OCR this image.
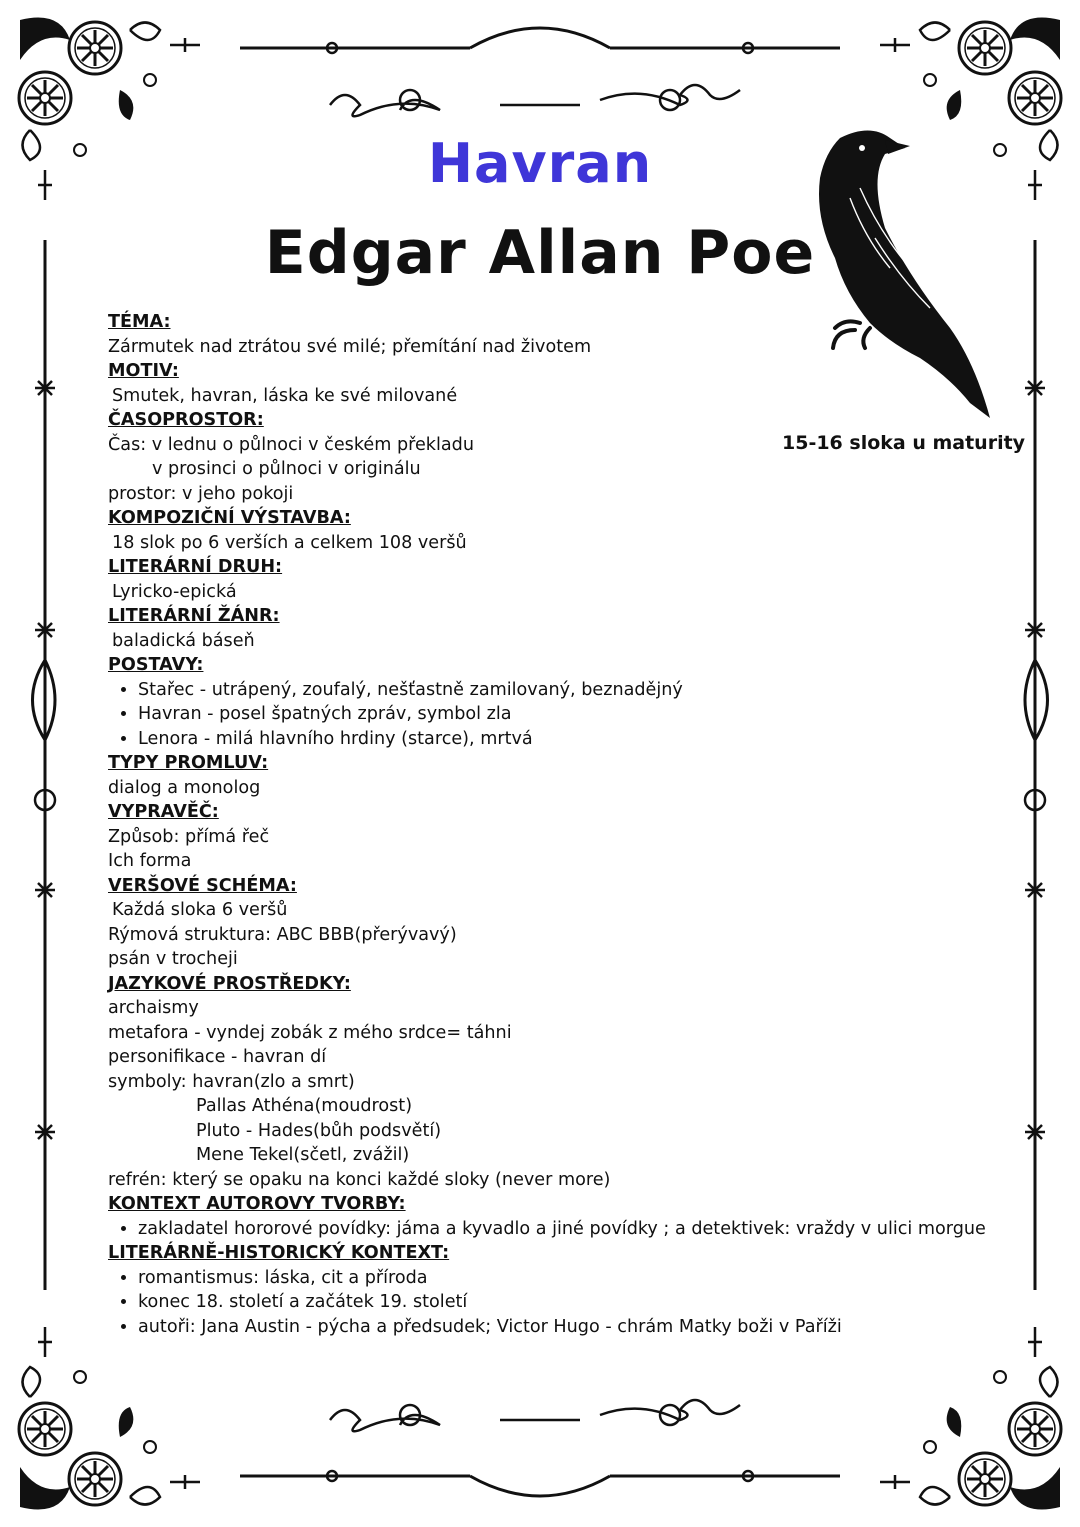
Havran
Edgar Allan Poe
15-16 sloka u maturity
TÉMA:
Zármutek nad ztrátou své milé; přemítání nad životem
MOTIV:
Smutek, havran, láska ke své milované
ČASOPROSTOR:
Čas: v lednu o půlnoci v českém překladu
v prosinci o půlnoci v originálu
prostor: v jeho pokoji
KOMPOZIČNÍ VÝSTAVBA:
18 slok po 6 verších a celkem 108 veršů
LITERÁRNÍ DRUH:
Lyricko-epická
LITERÁRNÍ ŽÁNR:
baladická báseň
POSTAVY:
• Stařec - utrápený, zoufalý, nešťastně zamilovaný, beznadějný
• Havran - posel špatných zpráv, symbol zla
• Lenora - milá hlavního hrdiny (starce), mrtvá
TYPY PROMLUV:
dialog a monolog
VYPRAVĚČ:
Způsob: přímá řeč
Ich forma
VERŠOVÉ SCHÉMA:
Každá sloka 6 veršů
Rýmová struktura: ABC BBB(přerývavý)
psán v trocheji
JAZYKOVÉ PROSTŘEDKY:
archaismy
metafora - vyndej zobák z mého srdce= táhni
personifikace - havran dí
symboly: havran(zlo a smrt)
Pallas Athéna(moudrost)
Pluto - Hades(bůh podsvětí)
Mene Tekel(sčetl, zvážil)
refrén: který se opaku na konci každé sloky (never more)
KONTEXT AUTOROVY TVORBY:
• zakladatel hororové povídky: jáma a kyvadlo a jiné povídky ; a detektivek: vraždy v ulici morgue
LITERÁRNĚ-HISTORICKÝ KONTEXT:
• romantismus: láska, cit a příroda
• konec 18. století a začátek 19. století
• autoři: Jana Austin - pýcha a předsudek; Victor Hugo - chrám Matky boži v Paříži
